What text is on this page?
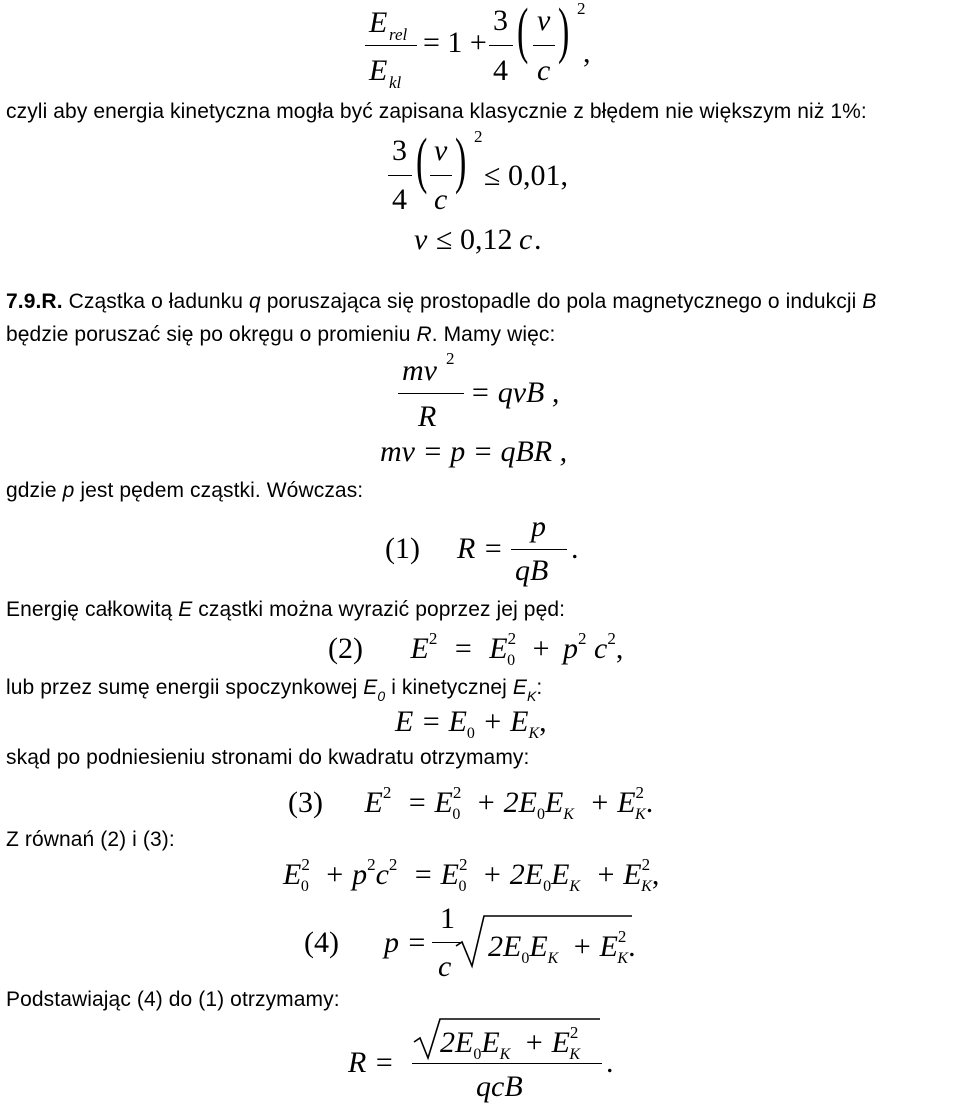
E rel
E kl
= 1 +
3
4
( v
c
) 2
,
czyli aby energia kinetyczna mogła być zapisana klasycznie z błędem nie większym niż 1%:
3
4
( v
c
) 2
≤ 0,01,
v ≤ 0,12 c .
7.9.R. Cząstka o ładunku q poruszająca się prostopadle do pola magnetycznego o indukcji B
będzie poruszać się po okręgu o promieniu R. Mamy więc:
mv 2
R
= qvB ,
mv = p = qBR ,
gdzie p jest pędem cząstki. Wówczas:
(1) R =
p
qB
.
Energię całkowitą E cząstki można wyrazić poprzez jej pęd:
(2) $E^2 = E^2_0 + p^2$ $c^2$,
lub przez sumę energii spoczynkowej $E_0$ i kinetycznej $E_K$:
$E = E_0 + E_K$,
skąd po podniesieniu stronami do kwadratu otrzymamy:
(3) $E^2 = E^2_0 + 2E_0E_K + E^2_K$.
Z równań (2) i (3):
$E^2_0 + p^2c^2 = E^2_0 + 2E_0E_K + E^2_K$,
(4) p =
1
c
$2E_0E_K + E^2_K$.
Podstawiając (4) do (1) otrzymamy:
R =
$2E_0E_K + E^2_K$
qcB
.
